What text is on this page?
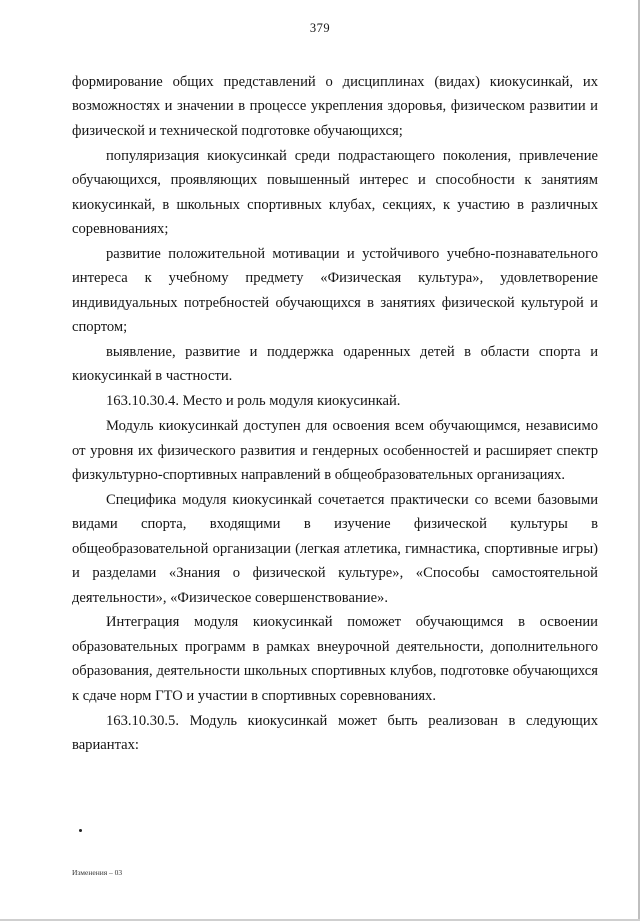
379

формирование общих представлений о дисциплинах (видах) киокусинкай, их возможностях и значении в процессе укрепления здоровья, физическом развитии и физической и технической подготовке обучающихся;

популяризация киокусинкай среди подрастающего поколения, привлечение обучающихся, проявляющих повышенный интерес и способности к занятиям киокусинкай, в школьных спортивных клубах, секциях, к участию в различных соревнованиях;

развитие положительной мотивации и устойчивого учебно-познавательного интереса к учебному предмету «Физическая культура», удовлетворение индивидуальных потребностей обучающихся в занятиях физической культурой и спортом;

выявление, развитие и поддержка одаренных детей в области спорта и киокусинкай в частности.

163.10.30.4. Место и роль модуля киокусинкай.

Модуль киокусинкай доступен для освоения всем обучающимся, независимо от уровня их физического развития и гендерных особенностей и расширяет спектр физкультурно-спортивных направлений в общеобразовательных организациях.

Специфика модуля киокусинкай сочетается практически со всеми базовыми видами спорта, входящими в изучение физической культуры в общеобразовательной организации (легкая атлетика, гимнастика, спортивные игры) и разделами «Знания о физической культуре», «Способы самостоятельной деятельности», «Физическое совершенствование».

Интеграция модуля киокусинкай поможет обучающимся в освоении образовательных программ в рамках внеурочной деятельности, дополнительного образования, деятельности школьных спортивных клубов, подготовке обучающихся к сдаче норм ГТО и участии в спортивных соревнованиях.

163.10.30.5. Модуль киокусинкай может быть реализован в следующих вариантах:

Изменения – 03
